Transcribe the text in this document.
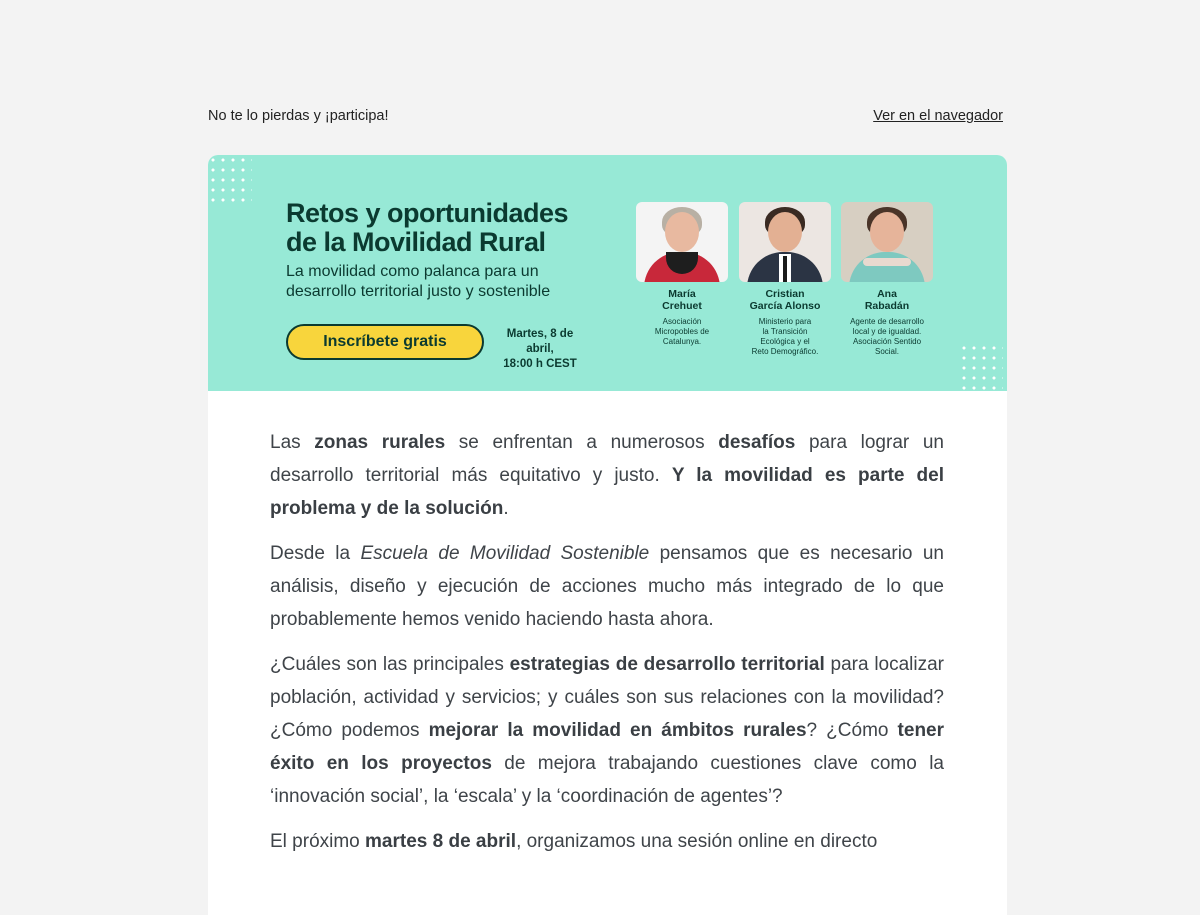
No te lo pierdas y ¡participa!	Ver en el navegador
Retos y oportunidades
de la Movilidad Rural
La movilidad como palanca para un
desarrollo territorial justo y sostenible
Inscríbete gratis	Martes, 8 de abril,
18:00 h CEST
María
Crehuet
Asociación
Micropobles de
Catalunya.
Cristian
García Alonso
Ministerio para
la Transición
Ecológica y el
Reto Demográfico.
Ana
Rabadán
Agente de desarrollo
local y de igualdad.
Asociación Sentido
Social.

Las zonas rurales se enfrentan a numerosos desafíos para lograr un desarrollo territorial más equitativo y justo. Y la movilidad es parte del problema y de la solución.

Desde la Escuela de Movilidad Sostenible pensamos que es necesario un análisis, diseño y ejecución de acciones mucho más integrado de lo que probablemente hemos venido haciendo hasta ahora.

¿Cuáles son las principales estrategias de desarrollo territorial para localizar población, actividad y servicios; y cuáles son sus relaciones con la movilidad? ¿Cómo podemos mejorar la movilidad en ámbitos rurales? ¿Cómo tener éxito en los proyectos de mejora trabajando cuestiones clave como la ‘innovación social’, la ‘escala’ y la ‘coordinación de agentes’?

El próximo martes 8 de abril, organizamos una sesión online en directo
